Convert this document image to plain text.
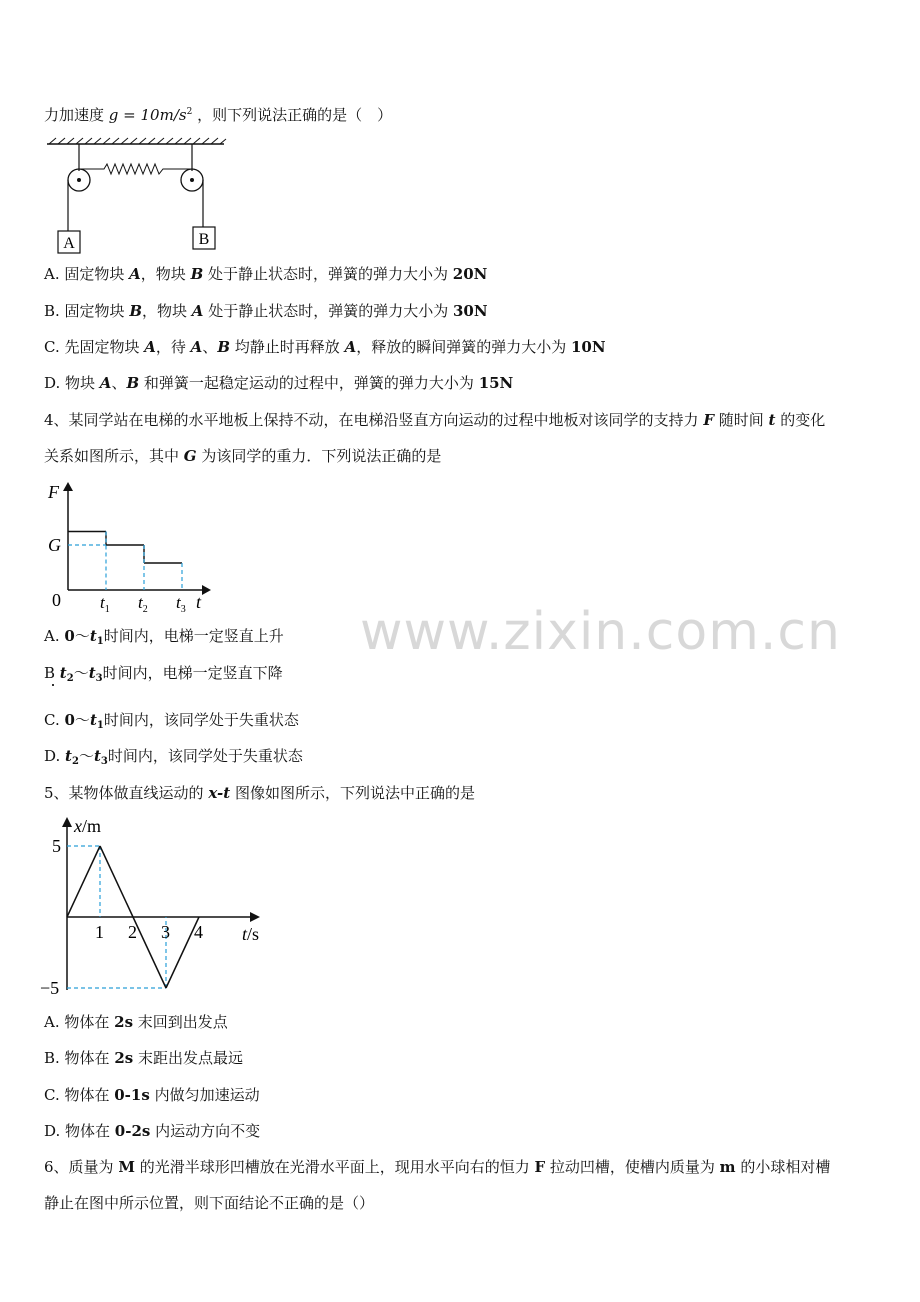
力加速度 $g = 10m/s^2$ ，则下列说法正确的是（　）
A	B
A. 固定物块 A，物块 B 处于静止状态时，弹簧的弹力大小为 20N
B. 固定物块 B，物块 A 处于静止状态时，弹簧的弹力大小为 30N
C. 先固定物块 A，待 A、B 均静止时再释放 A，释放的瞬间弹簧的弹力大小为 10N
D. 物块 A、B 和弹簧一起稳定运动的过程中，弹簧的弹力大小为 15N
4、某同学站在电梯的水平地板上保持不动，在电梯沿竖直方向运动的过程中地板对该同学的支持力 F 随时间 t 的变化
关系如图所示，其中 G 为该同学的重力．下列说法正确的是
F
t
G
0 $t_1$ $t_2$ $t_3$
A. $0\sim t_1$时间内，电梯一定竖直上升
B $t_2\sim t_3$时间内，电梯一定竖直下降
C. $0\sim t_1$时间内，该同学处于失重状态
D. $t_2\sim t_3$时间内，该同学处于失重状态
5、某物体做直线运动的 x-t 图像如图所示，下列说法中正确的是
x/m
t/s
5
−5
1 2 3 4
A. 物体在 2s 末回到出发点
B. 物体在 2s 末距出发点最远
C. 物体在 0-1s 内做匀加速运动
D. 物体在 0-2s 内运动方向不变
6、质量为 M 的光滑半球形凹槽放在光滑水平面上，现用水平向右的恒力 F 拉动凹槽，使槽内质量为 m 的小球相对槽
静止在图中所示位置，则下面结论不正确的是（）
www.zixin.com.cn
